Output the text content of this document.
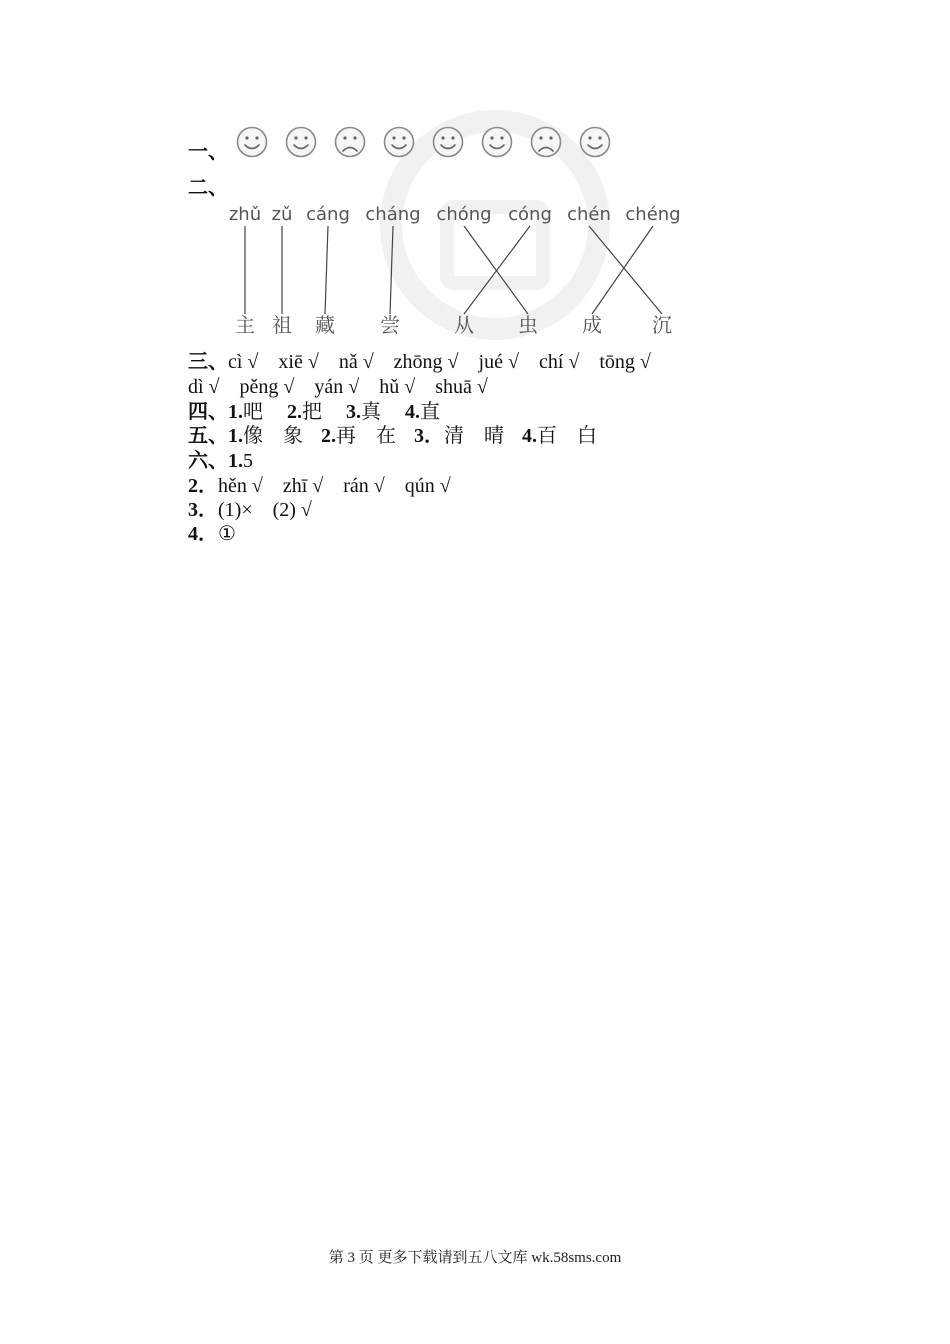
一、
二、
zhǔ zǔ cáng cháng chóng cóng chén chéng
主 祖 藏 尝	从 虫 成	沉
三、cì √    xiē √    nǎ √    zhōng √    jué √    chí √    tōng √
dì √    pěng √    yán √    hǔ √    shuā √
四、1.吧 2.把 3.真 4.直
五、1.像　象 2.再　在 3．清　晴 4.百　白
六、1.5
2．hěn √    zhī √    rán √    qún √
3．(1)×    (2) √
4．①
第 3 页 更多下载请到五八文库 wk.58sms.com
